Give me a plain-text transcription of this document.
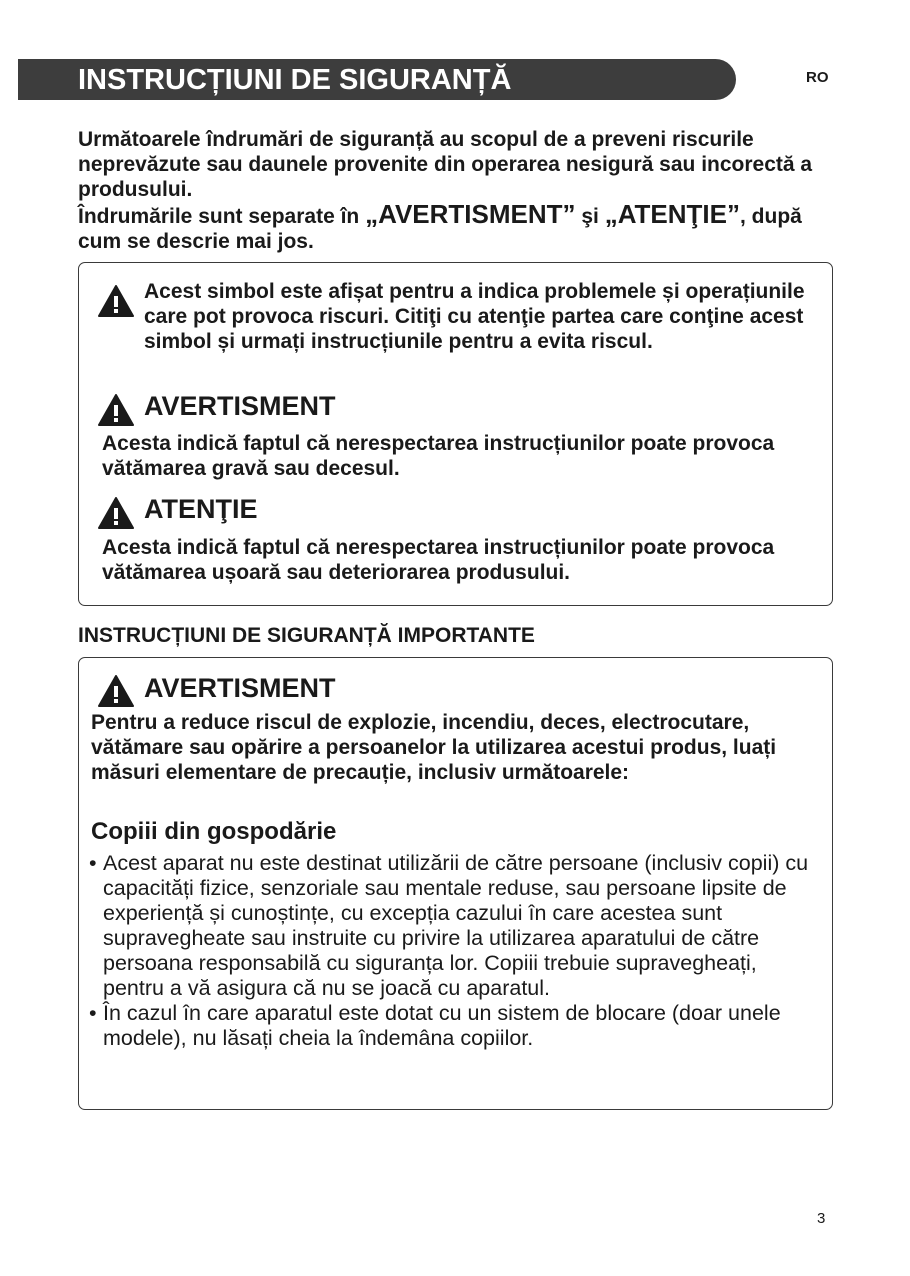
INSTRUCȚIUNI DE SIGURANȚĂ	RO

Următoarele îndrumări de siguranță au scopul de a preveni riscurile neprevăzute sau daunele provenite din operarea nesigură sau incorectă a produsului.

Îndrumările sunt separate în „AVERTISMENT” şi „ATENŢIE”, după cum se descrie mai jos.

Acest simbol este afișat pentru a indica problemele și operațiunile care pot provoca riscuri. Citiţi cu atenţie partea care conţine acest simbol și urmați instrucțiunile pentru a evita riscul.
AVERTISMENT
Acesta indică faptul că nerespectarea instrucțiunilor poate provoca vătămarea gravă sau decesul.
ATENŢIE
Acesta indică faptul că nerespectarea instrucțiunilor poate provoca vătămarea ușoară sau deteriorarea produsului.
INSTRUCȚIUNI DE SIGURANȚĂ IMPORTANTE
AVERTISMENT
Pentru a reduce riscul de explozie, incendiu, deces, electrocutare, vătămare sau opărire a persoanelor la utilizarea acestui produs, luați măsuri elementare de precauție, inclusiv următoarele:
Copiii din gospodărie
• Acest aparat nu este destinat utilizării de către persoane (inclusiv copii) cu capacități fizice, senzoriale sau mentale reduse, sau persoane lipsite de experiență și cunoștințe, cu excepția cazului în care acestea sunt supravegheate sau instruite cu privire la utilizarea aparatului de către persoana responsabilă cu siguranța lor. Copiii trebuie supravegheați, pentru a vă asigura că nu se joacă cu aparatul.
• În cazul în care aparatul este dotat cu un sistem de blocare (doar unele modele), nu lăsați cheia la îndemâna copiilor.
3
